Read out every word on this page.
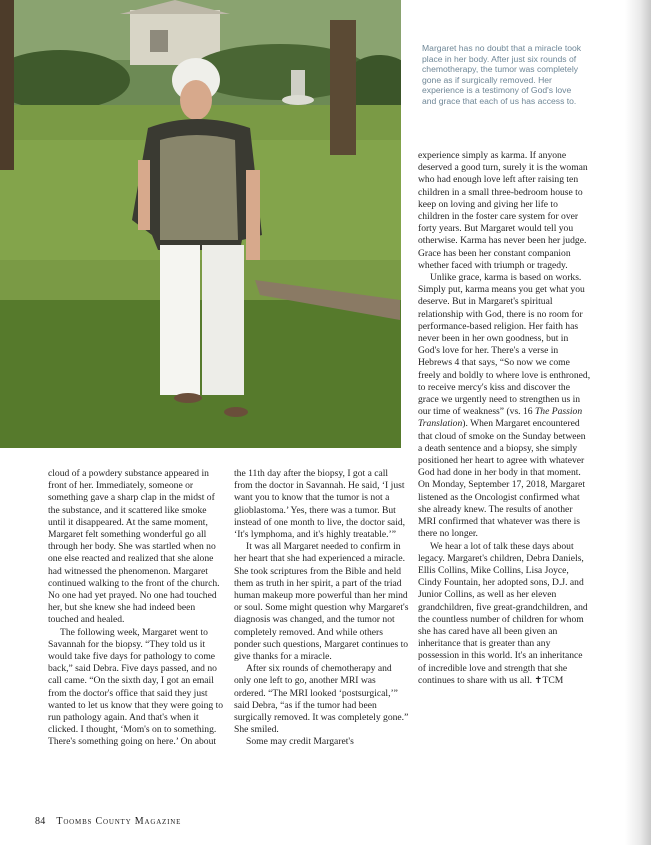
Margaret has no doubt that a miracle took place in her body. After just six rounds of chemotherapy, the tumor was completely gone as if surgically removed. Her experience is a testimony of God's love and grace that each of us has access to.

cloud of a powdery substance appeared in front of her. Immediately, someone or something gave a sharp clap in the midst of the substance, and it scattered like smoke until it disappeared. At the same moment, Margaret felt something wonderful go all through her body. She was startled when no one else reacted and realized that she alone had witnessed the phenomenon. Margaret continued walking to the front of the church. No one had yet prayed. No one had touched her, but she knew she had indeed been touched and healed.

The following week, Margaret went to Savannah for the biopsy. “They told us it would take five days for pathology to come back,” said Debra. Five days passed, and no call came. “On the sixth day, I got an email from the doctor's office that said they just wanted to let us know that they were going to run pathology again. And that's when it clicked. I thought, ‘Mom's on to something. There's something going on here.’ On about

the 11th day after the biopsy, I got a call from the doctor in Savannah. He said, ‘I just want you to know that the tumor is not a glioblastoma.’ Yes, there was a tumor. But instead of one month to live, the doctor said, ‘It's lymphoma, and it's highly treatable.’”

It was all Margaret needed to confirm in her heart that she had experienced a miracle. She took scriptures from the Bible and held them as truth in her spirit, a part of the triad human makeup more powerful than her mind or soul. Some might question why Margaret's diagnosis was changed, and the tumor not completely removed. And while others ponder such questions, Margaret continues to give thanks for a miracle.

After six rounds of chemotherapy and only one left to go, another MRI was ordered. “The MRI looked ‘postsurgical,’” said Debra, “as if the tumor had been surgically removed. It was completely gone.” She smiled.

Some may credit Margaret's

experience simply as karma. If anyone deserved a good turn, surely it is the woman who had enough love left after raising ten children in a small three-bedroom house to keep on loving and giving her life to children in the foster care system for over forty years. But Margaret would tell you otherwise. Karma has never been her judge. Grace has been her constant companion whether faced with triumph or tragedy.

Unlike grace, karma is based on works. Simply put, karma means you get what you deserve. But in Margaret's spiritual relationship with God, there is no room for performance-based religion. Her faith has never been in her own goodness, but in God's love for her. There's a verse in Hebrews 4 that says, “So now we come freely and boldly to where love is enthroned, to receive mercy's kiss and discover the grace we urgently need to strengthen us in our time of weakness” (vs. 16 The Passion Translation). When Margaret encountered that cloud of smoke on the Sunday between a death sentence and a biopsy, she simply positioned her heart to agree with whatever God had done in her body in that moment. On Monday, September 17, 2018, Margaret listened as the Oncologist confirmed what she already knew. The results of another MRI confirmed that whatever was there is there no longer.

We hear a lot of talk these days about legacy. Margaret's children, Debra Daniels, Ellis Collins, Mike Collins, Lisa Joyce, Cindy Fountain, her adopted sons, D.J. and Junior Collins, as well as her eleven grandchildren, five great-grandchildren, and the countless number of children for whom she has cared have all been given an inheritance that is greater than any possession in this world. It's an inheritance of incredible love and strength that she continues to share with us all. ✝TCM

84 Toombs County Magazine
